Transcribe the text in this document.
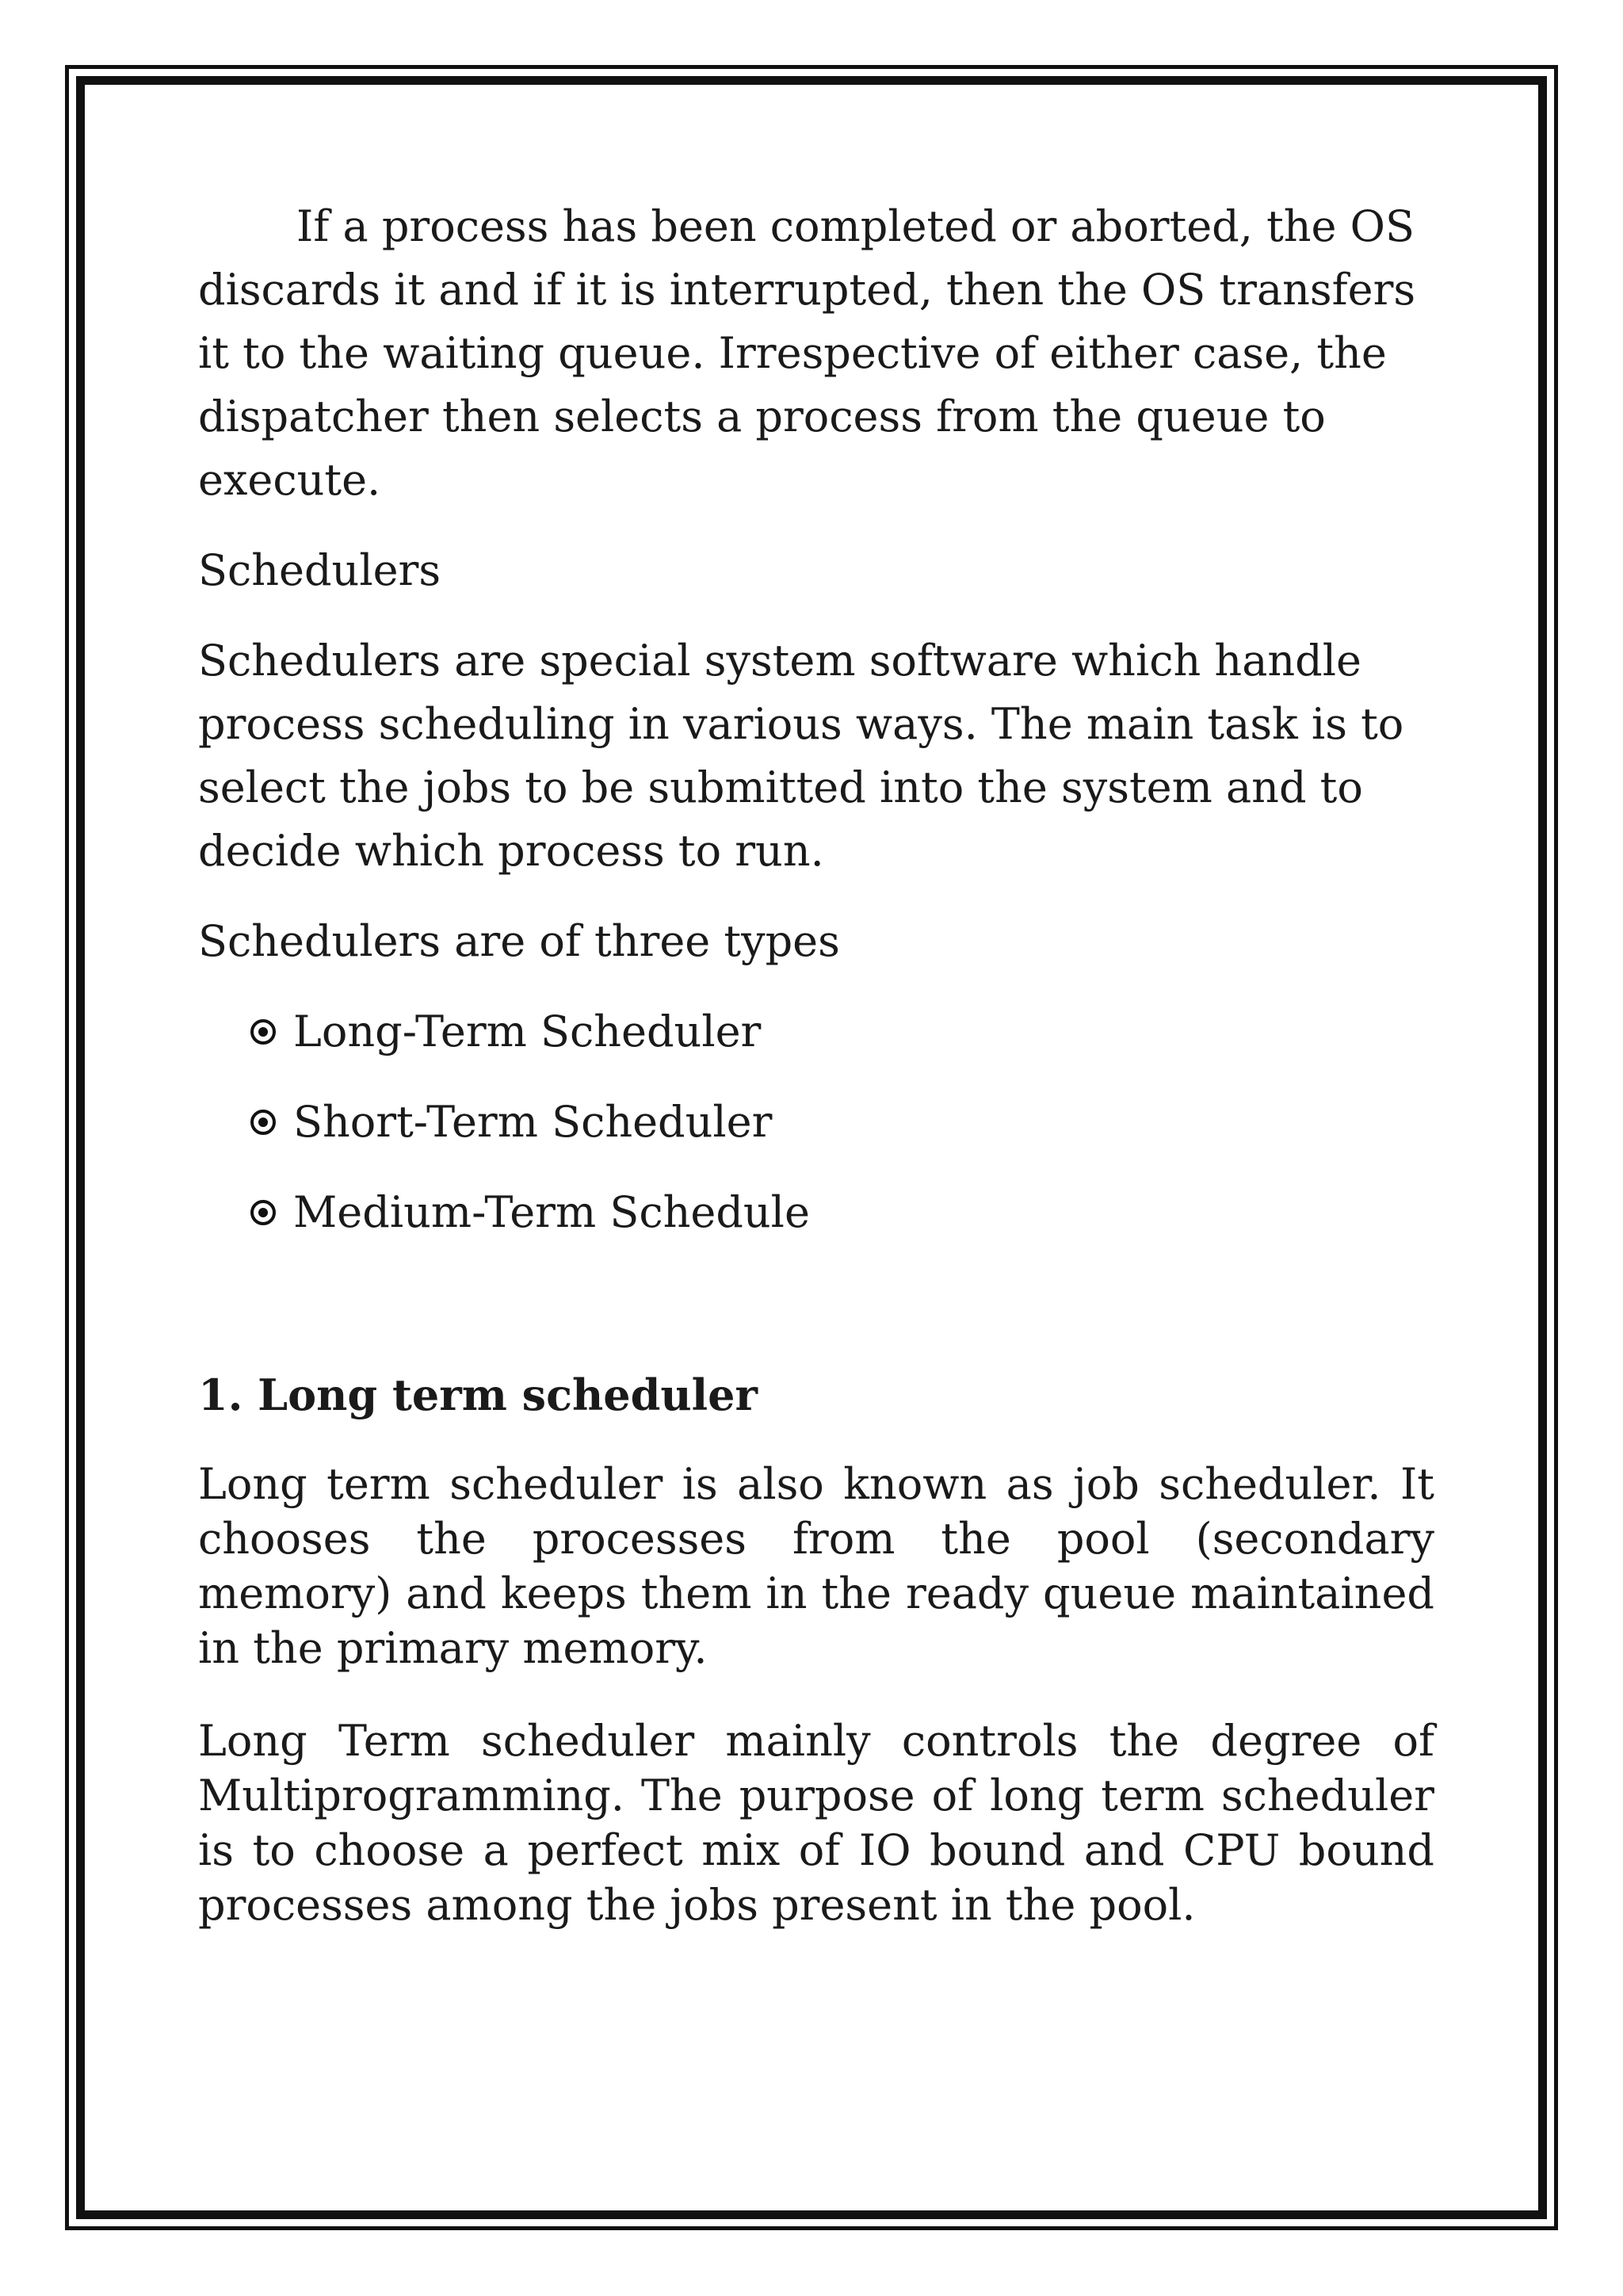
If a process has been completed or aborted, the OS discards it and if it is interrupted, then the OS transfers it to the waiting queue. Irrespective of either case, the dispatcher then selects a process from the queue to execute.

Schedulers

Schedulers are special system software which handle process scheduling in various ways. The main task is to select the jobs to be submitted into the system and to decide which process to run.

Schedulers are of three types

Long-Term Scheduler
Short-Term Scheduler
Medium-Term Schedule

1. Long term scheduler

Long term scheduler is also known as job scheduler. It chooses the processes from the pool (secondary memory) and keeps them in the ready queue maintained in the primary memory.

Long Term scheduler mainly controls the degree of Multiprogramming. The purpose of long term scheduler is to choose a perfect mix of IO bound and CPU bound processes among the jobs present in the pool.
